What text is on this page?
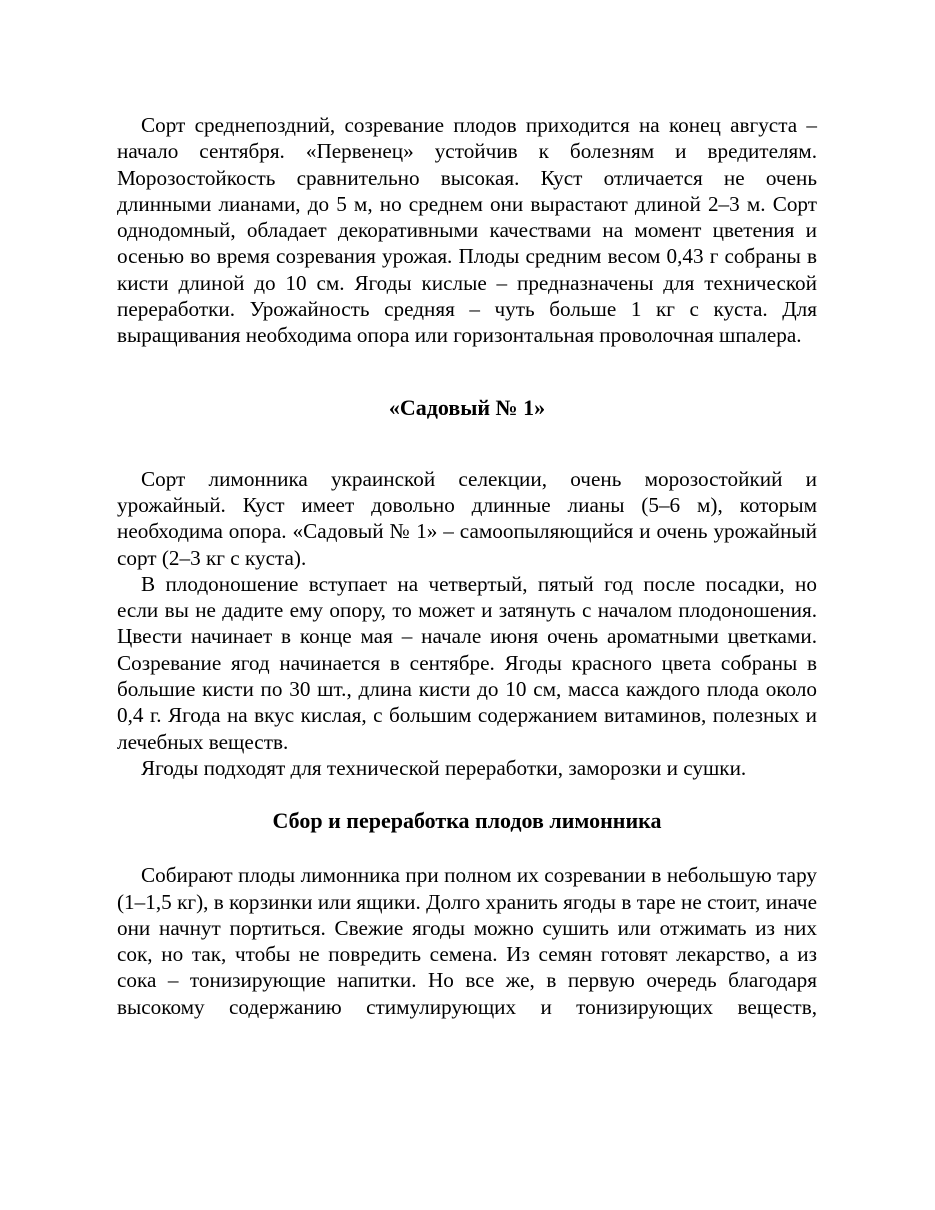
Сорт среднепоздний, созревание плодов приходится на конец августа – начало сентября. «Первенец» устойчив к болезням и вредителям. Морозостойкость сравнительно высокая. Куст отличается не очень длинными лианами, до 5 м, но среднем они вырастают длиной 2–3 м. Сорт однодомный, обладает декоративными качествами на момент цветения и осенью во время созревания урожая. Плоды средним весом 0,43 г собраны в кисти длиной до 10 см. Ягоды кислые – предназначены для технической переработки. Урожайность средняя – чуть больше 1 кг с куста. Для выращивания необходима опора или горизонтальная проволочная шпалера.

«Садовый № 1»

Сорт лимонника украинской селекции, очень морозостойкий и урожайный. Куст имеет довольно длинные лианы (5–6 м), которым необходима опора. «Садовый № 1» – самоопыляющийся и очень урожайный сорт (2–3 кг с куста).

В плодоношение вступает на четвертый, пятый год после посадки, но если вы не дадите ему опору, то может и затянуть с началом плодоношения. Цвести начинает в конце мая – начале июня очень ароматными цветками. Созревание ягод начинается в сентябре. Ягоды красного цвета собраны в большие кисти по 30 шт., длина кисти до 10 см, масса каждого плода около 0,4 г. Ягода на вкус кислая, с большим содержанием витаминов, полезных и лечебных веществ.

Ягоды подходят для технической переработки, заморозки и сушки.

Сбор и переработка плодов лимонника

Собирают плоды лимонника при полном их созревании в небольшую тару (1–1,5 кг), в корзинки или ящики. Долго хранить ягоды в таре не стоит, иначе они начнут портиться. Свежие ягоды можно сушить или отжимать из них сок, но так, чтобы не повредить семена. Из семян готовят лекарство, а из сока – тонизирующие напитки. Но все же, в первую очередь благодаря высокому содержанию стимулирующих и тонизирующих веществ,
